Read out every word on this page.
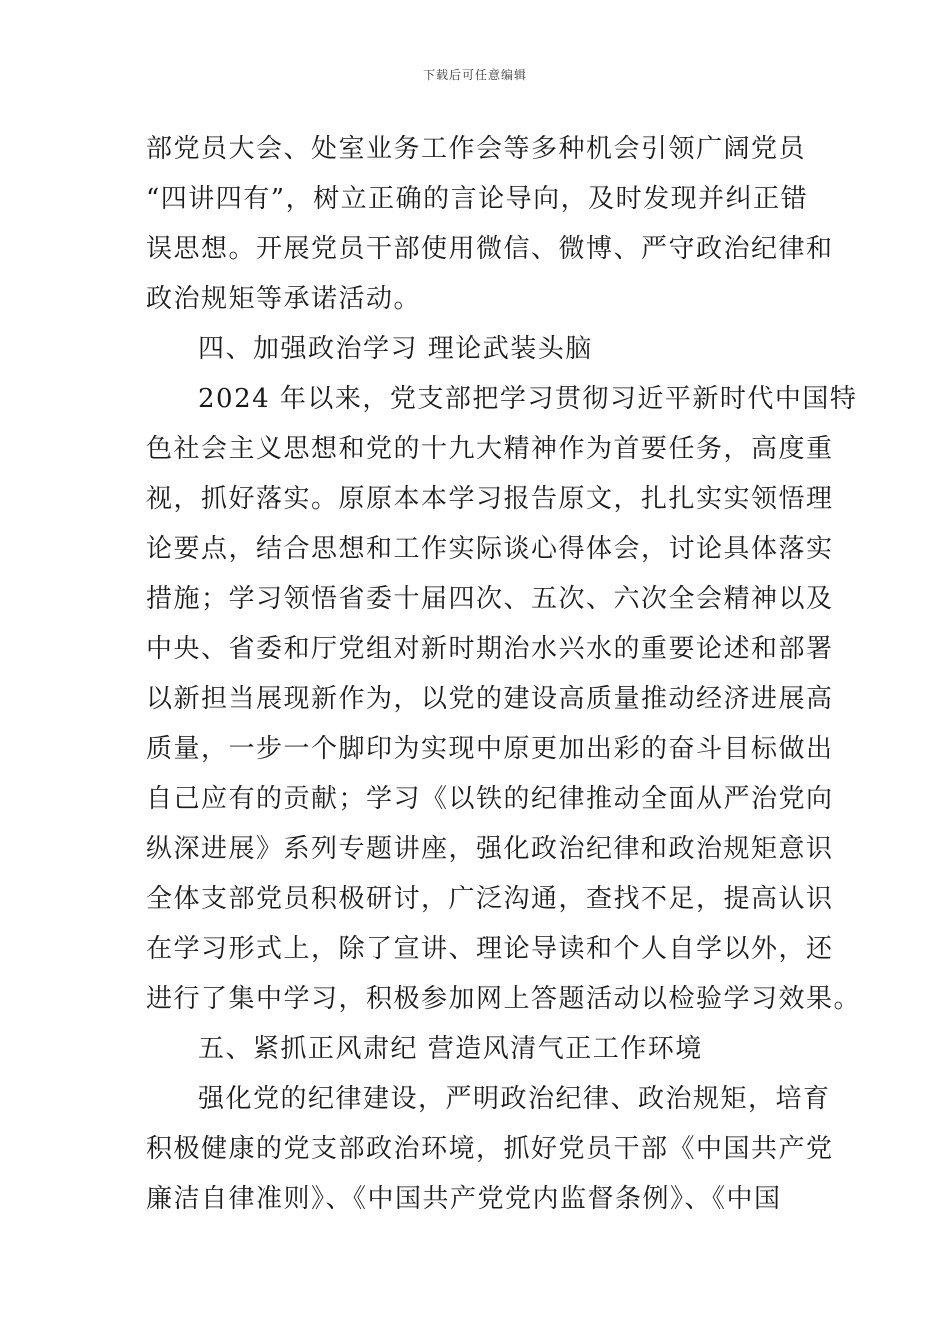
下载后可任意编辑
部党员大会、处室业务工作会等多种机会引领广阔党员
“四讲四有”，树立正确的言论导向，及时发现并纠正错
误思想。开展党员干部使用微信、微博、严守政治纪律和
政治规矩等承诺活动。
四、加强政治学习 理论武装头脑
2024 年以来，党支部把学习贯彻习近平新时代中国特
色社会主义思想和党的十九大精神作为首要任务，高度重
视，抓好落实。原原本本学习报告原文，扎扎实实领悟理
论要点，结合思想和工作实际谈心得体会，讨论具体落实
措施；学习领悟省委十届四次、五次、六次全会精神以及
中央、省委和厅党组对新时期治水兴水的重要论述和部署
以新担当展现新作为，以党的建设高质量推动经济进展高
质量，一步一个脚印为实现中原更加出彩的奋斗目标做出
自己应有的贡献；学习《以铁的纪律推动全面从严治党向
纵深进展》系列专题讲座，强化政治纪律和政治规矩意识
全体支部党员积极研讨，广泛沟通，查找不足，提高认识
在学习形式上，除了宣讲、理论导读和个人自学以外，还
进行了集中学习，积极参加网上答题活动以检验学习效果。
五、紧抓正风肃纪 营造风清气正工作环境
强化党的纪律建设，严明政治纪律、政治规矩，培育
积极健康的党支部政治环境，抓好党员干部《中国共产党
廉洁自律准则》、《中国共产党党内监督条例》、《中国
